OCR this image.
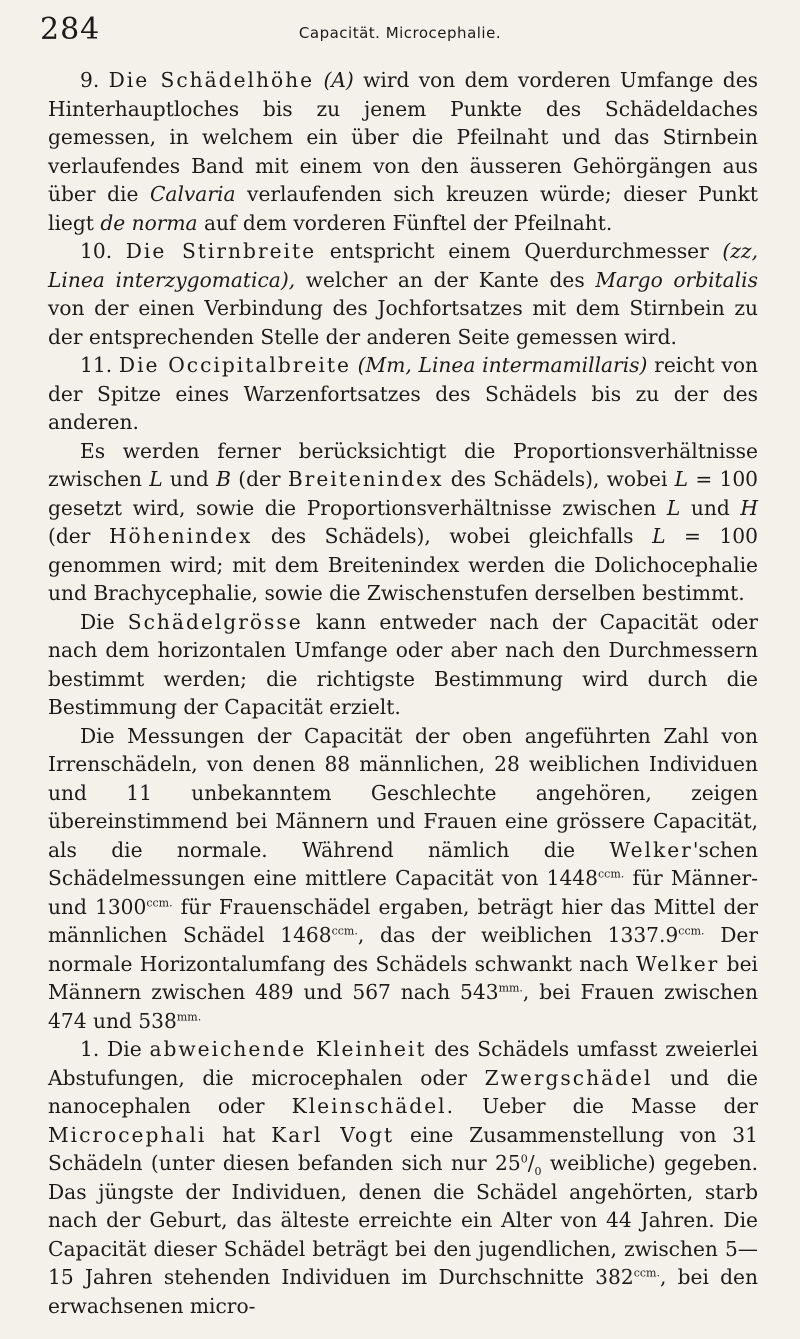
284	Capacität. Microcephalie.

9. Die Schädelhöhe (A) wird von dem vorderen Umfange des Hinterhauptloches bis zu jenem Punkte des Schädeldaches gemessen, in welchem ein über die Pfeilnaht und das Stirnbein verlaufendes Band mit einem von den äusseren Gehörgängen aus über die Calvaria verlaufenden sich kreuzen würde; dieser Punkt liegt de norma auf dem vorderen Fünftel der Pfeilnaht.

10. Die Stirnbreite entspricht einem Querdurchmesser (zz, Linea interzygomatica), welcher an der Kante des Margo orbitalis von der einen Verbindung des Jochfortsatzes mit dem Stirnbein zu der entsprechenden Stelle der anderen Seite gemessen wird.

11. Die Occipitalbreite (Mm, Linea intermamillaris) reicht von der Spitze eines Warzenfortsatzes des Schädels bis zu der des anderen.

Es werden ferner berücksichtigt die Proportionsverhältnisse zwischen L und B (der Breitenindex des Schädels), wobei L = 100 gesetzt wird, sowie die Proportionsverhältnisse zwischen L und H (der Höhenindex des Schädels), wobei gleichfalls L = 100 genommen wird; mit dem Breitenindex werden die Dolichocephalie und Brachycephalie, sowie die Zwischenstufen derselben bestimmt.

Die Schädelgrösse kann entweder nach der Capacität oder nach dem horizontalen Umfange oder aber nach den Durchmessern bestimmt werden; die richtigste Bestimmung wird durch die Bestimmung der Capacität erzielt.

Die Messungen der Capacität der oben angeführten Zahl von Irrenschädeln, von denen 88 männlichen, 28 weiblichen Individuen und 11 unbekanntem Geschlechte angehören, zeigen übereinstimmend bei Männern und Frauen eine grössere Capacität, als die normale. Während nämlich die Welker'schen Schädelmessungen eine mittlere Capacität von $1448^{ccm.}$ für Männer- und $1300^{ccm.}$ für Frauenschädel ergaben, beträgt hier das Mittel der männlichen Schädel $1468^{ccm.}$, das der weiblichen $1337.9^{ccm.}$ Der normale Horizontalumfang des Schädels schwankt nach Welker bei Männern zwischen 489 und 567 nach $543^{mm.}$, bei Frauen zwischen 474 und $538^{mm.}$

1. Die abweichende Kleinheit des Schädels umfasst zweierlei Abstufungen, die microcephalen oder Zwergschädel und die nanocephalen oder Kleinschädel. Ueber die Masse der Microcephali hat Karl Vogt eine Zusammenstellung von 31 Schädeln (unter diesen befanden sich nur $25^0/_0$ weibliche) gegeben. Das jüngste der Individuen, denen die Schädel angehörten, starb nach der Geburt, das älteste erreichte ein Alter von 44 Jahren. Die Capacität dieser Schädel beträgt bei den jugendlichen, zwischen 5—15 Jahren stehenden Individuen im Durchschnitte $382^{ccm.}$, bei den erwachsenen micro-
